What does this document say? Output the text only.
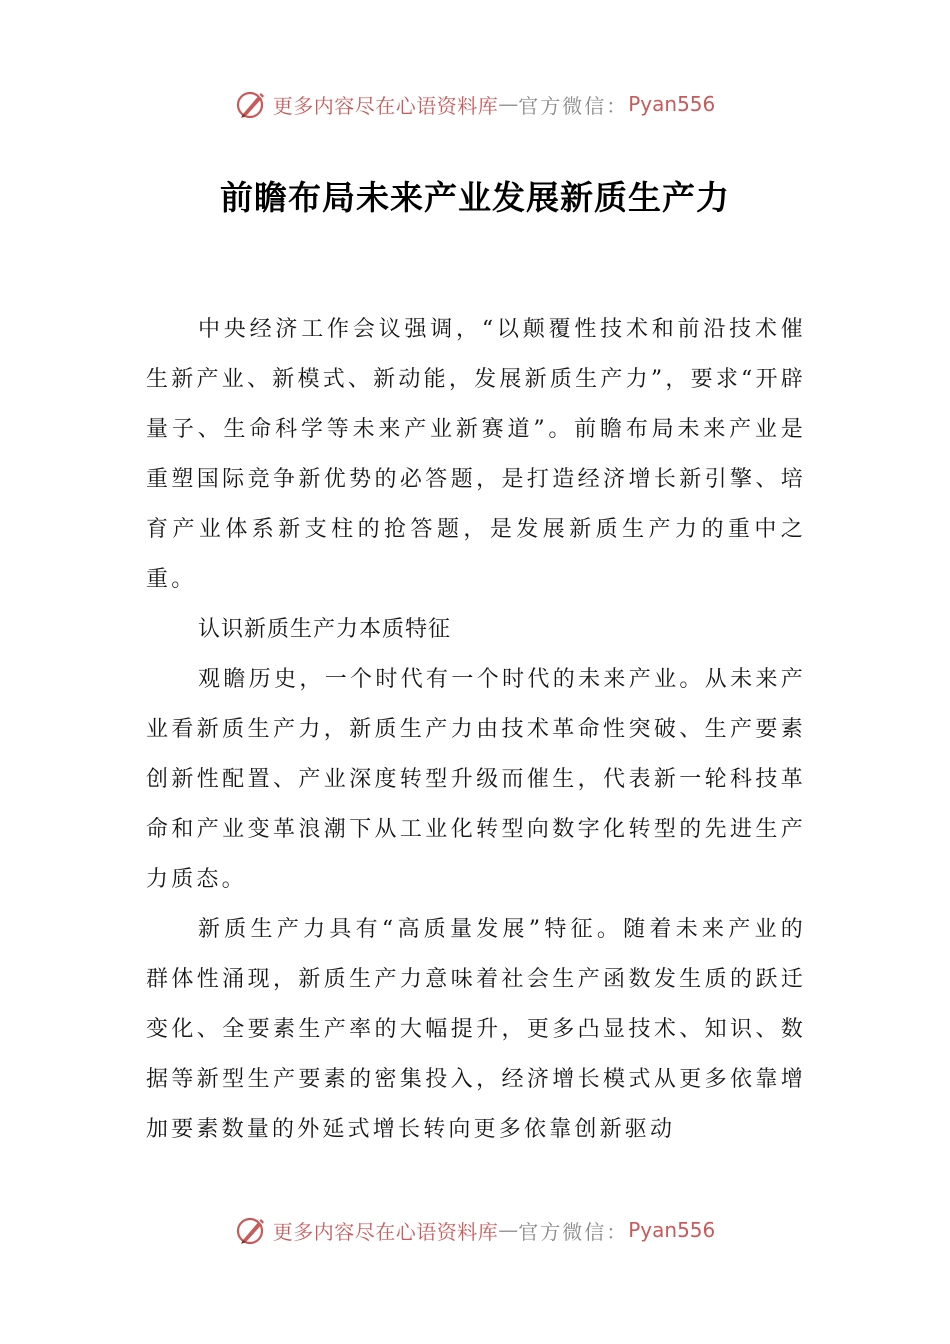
更多内容尽在心语资料库 — 官方微信： Pyan556
前瞻布局未来产业发展新质生产力

中央经济工作会议强调，“以颠覆性技术和前沿技术催生新产业、新模式、新动能，发展新质生产力”，要求“开辟量子、生命科学等未来产业新赛道”。前瞻布局未来产业是重塑国际竞争新优势的必答题，是打造经济增长新引擎、培育产业体系新支柱的抢答题，是发展新质生产力的重中之重。

认识新质生产力本质特征

观瞻历史，一个时代有一个时代的未来产业。从未来产业看新质生产力，新质生产力由技术革命性突破、生产要素创新性配置、产业深度转型升级而催生，代表新一轮科技革命和产业变革浪潮下从工业化转型向数字化转型的先进生产力质态。

新质生产力具有“高质量发展”特征。随着未来产业的群体性涌现，新质生产力意味着社会生产函数发生质的跃迁变化、全要素生产率的大幅提升，更多凸显技术、知识、数据等新型生产要素的密集投入，经济增长模式从更多依靠增加要素数量的外延式增长转向更多依靠创新驱动

更多内容尽在心语资料库 — 官方微信： Pyan556
